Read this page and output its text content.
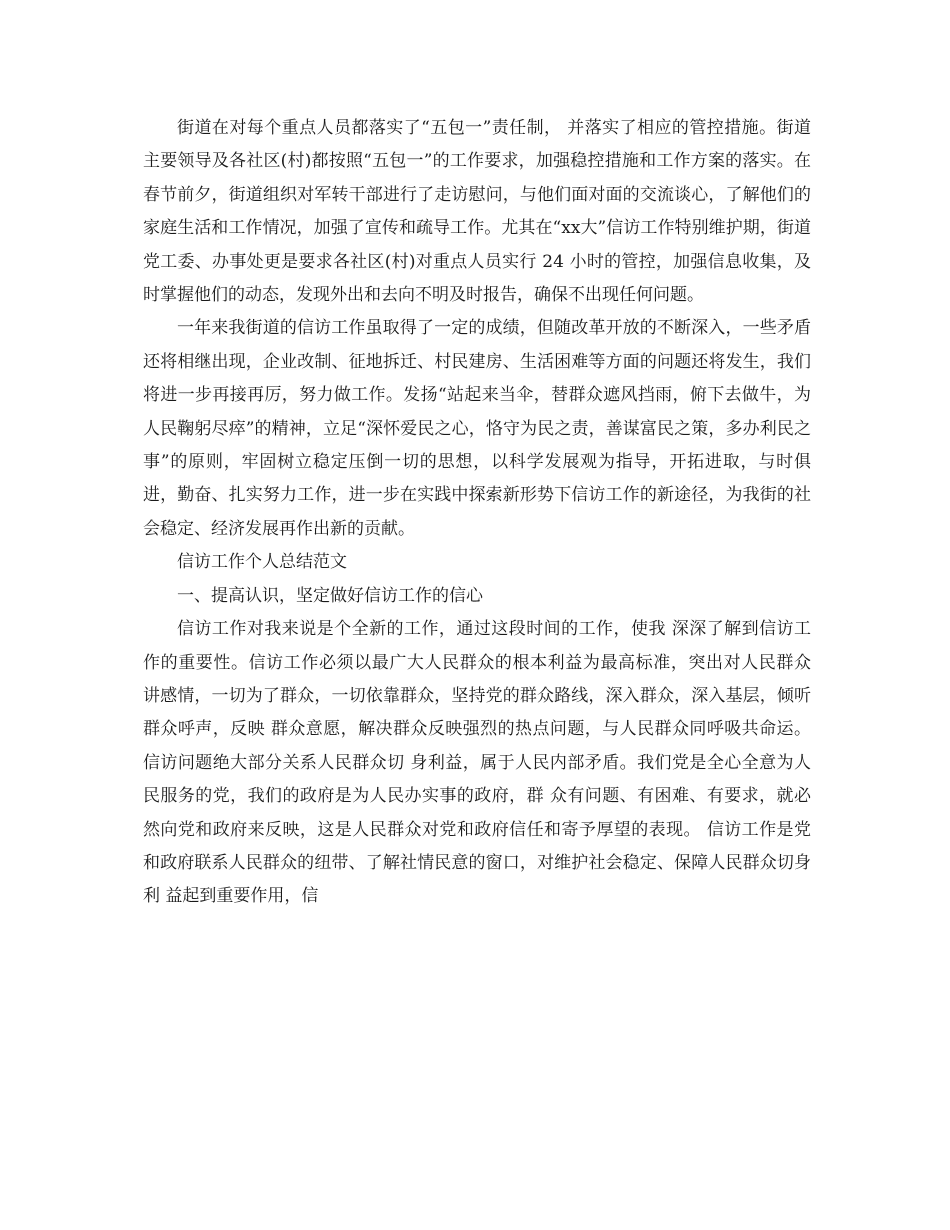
街道在对每个重点人员都落实了“五包一”责任制， 并落实了相应的管控措施。街道主要领导及各社区(村)都按照“五包一”的工作要求，加强稳控措施和工作方案的落实。在春节前夕，街道组织对军转干部进行了走访慰问，与他们面对面的交流谈心，了解他们的家庭生活和工作情况，加强了宣传和疏导工作。尤其在“xx大”信访工作特别维护期，街道党工委、办事处更是要求各社区(村)对重点人员实行 24 小时的管控，加强信息收集，及时掌握他们的动态，发现外出和去向不明及时报告，确保不出现任何问题。

一年来我街道的信访工作虽取得了一定的成绩，但随改革开放的不断深入，一些矛盾还将相继出现，企业改制、征地拆迁、村民建房、生活困难等方面的问题还将发生，我们将进一步再接再厉，努力做工作。发扬“站起来当伞，替群众遮风挡雨，俯下去做牛，为人民鞠躬尽瘁”的精神，立足“深怀爱民之心，恪守为民之责，善谋富民之策，多办利民之事”的原则，牢固树立稳定压倒一切的思想，以科学发展观为指导，开拓进取，与时俱进，勤奋、扎实努力工作，进一步在实践中探索新形势下信访工作的新途径，为我街的社会稳定、经济发展再作出新的贡献。

信访工作个人总结范文

一、提高认识，坚定做好信访工作的信心

信访工作对我来说是个全新的工作，通过这段时间的工作，使我 深深了解到信访工作的重要性。信访工作必须以最广大人民群众的根本利益为最高标准，突出对人民群众 讲感情，一切为了群众，一切依靠群众，坚持党的群众路线，深入群众，深入基层，倾听群众呼声，反映 群众意愿，解决群众反映强烈的热点问题，与人民群众同呼吸共命运。信访问题绝大部分关系人民群众切 身利益，属于人民内部矛盾。我们党是全心全意为人民服务的党，我们的政府是为人民办实事的政府，群 众有问题、有困难、有要求，就必然向党和政府来反映，这是人民群众对党和政府信任和寄予厚望的表现。 信访工作是党和政府联系人民群众的纽带、了解社情民意的窗口，对维护社会稳定、保障人民群众切身利 益起到重要作用，信
